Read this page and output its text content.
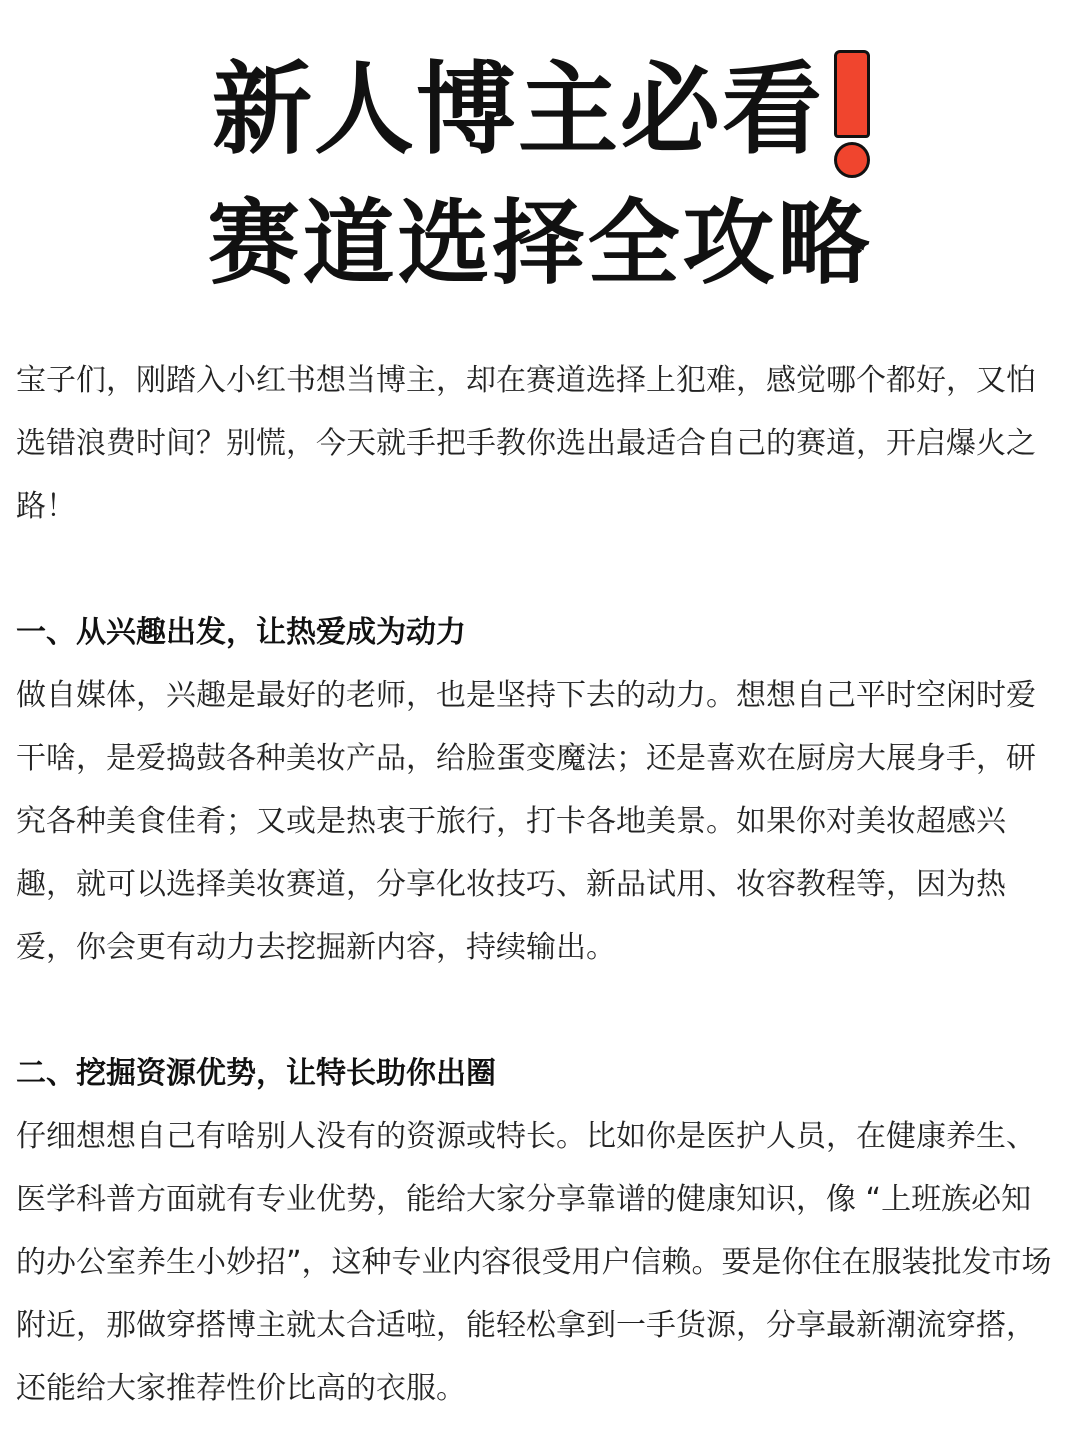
新人博主必看
赛道选择全攻略

宝子们，刚踏入小红书想当博主，却在赛道选择上犯难，感觉哪个都好，又怕选错浪费时间？别慌，今天就手把手教你选出最适合自己的赛道，开启爆火之路！

一、从兴趣出发，让热爱成为动力

做自媒体，兴趣是最好的老师，也是坚持下去的动力。想想自己平时空闲时爱干啥，是爱捣鼓各种美妆产品，给脸蛋变魔法；还是喜欢在厨房大展身手，研究各种美食佳肴；又或是热衷于旅行，打卡各地美景。如果你对美妆超感兴趣，就可以选择美妆赛道，分享化妆技巧、新品试用、妆容教程等，因为热爱，你会更有动力去挖掘新内容，持续输出。

二、挖掘资源优势，让特长助你出圈

仔细想想自己有啥别人没有的资源或特长。比如你是医护人员，在健康养生、医学科普方面就有专业优势，能给大家分享靠谱的健康知识，像 “上班族必知的办公室养生小妙招”，这种专业内容很受用户信赖。要是你住在服装批发市场附近，那做穿搭博主就太合适啦，能轻松拿到一手货源，分享最新潮流穿搭，还能给大家推荐性价比高的衣服。
